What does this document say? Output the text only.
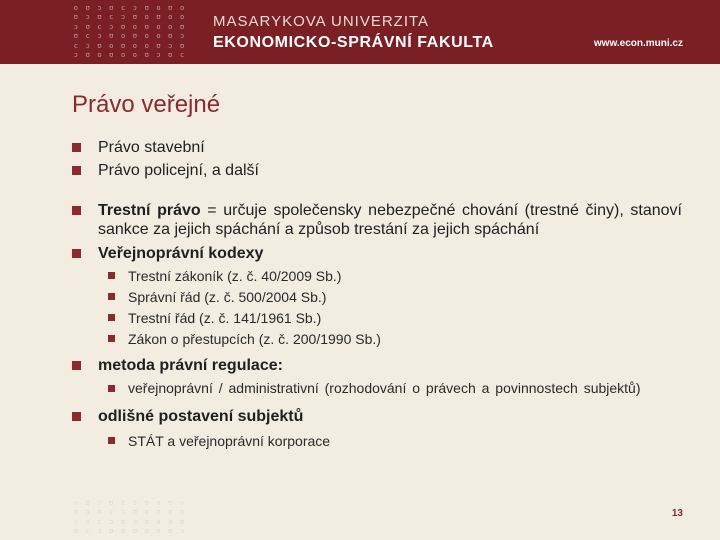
o ʊ ɔ ʊ c ɔ ʊ o ʊ o
ʊ ɔ ʊ c ɔ ʊ o ʊ o o
ɔ ʊ c ɔ ʊ o ʊ o o ʊ
ʊ c ɔ ʊ o ʊ o o ʊ ɔ
c ɔ ʊ o ʊ o o ʊ ɔ ʊ
ɔ ʊ o ʊ o o ʊ ɔ ʊ c
MASARYKOVA UNIVERZITA
EKONOMICKO-SPRÁVNÍ FAKULTA	www.econ.muni.cz
Právo veřejné
Právo stavební
Právo policejní, a další
Trestní právo = určuje společensky nebezpečné chování (trestné činy), stanoví sankce za jejich spáchání a způsob trestání za jejich spáchání
Veřejnoprávní kodexy
Trestní zákoník (z. č. 40/2009 Sb.)
Správní řád (z. č. 500/2004 Sb.)
Trestní řád (z. č. 141/1961 Sb.)
Zákon o přestupcích (z. č. 200/1990 Sb.)
metoda právní regulace:
veřejnoprávní / administrativní (rozhodování o právech a povinnostech subjektů)
odlišné postavení subjektů
STÁT a veřejnoprávní korporace
o ʊ ɔ ʊ c ɔ ʊ o ʊ o
ʊ ɔ ʊ c ɔ ʊ o ʊ o o
ɔ ʊ c ɔ ʊ o ʊ o o ʊ
ʊ c ɔ ʊ o ʊ o o ʊ ɔ
13
